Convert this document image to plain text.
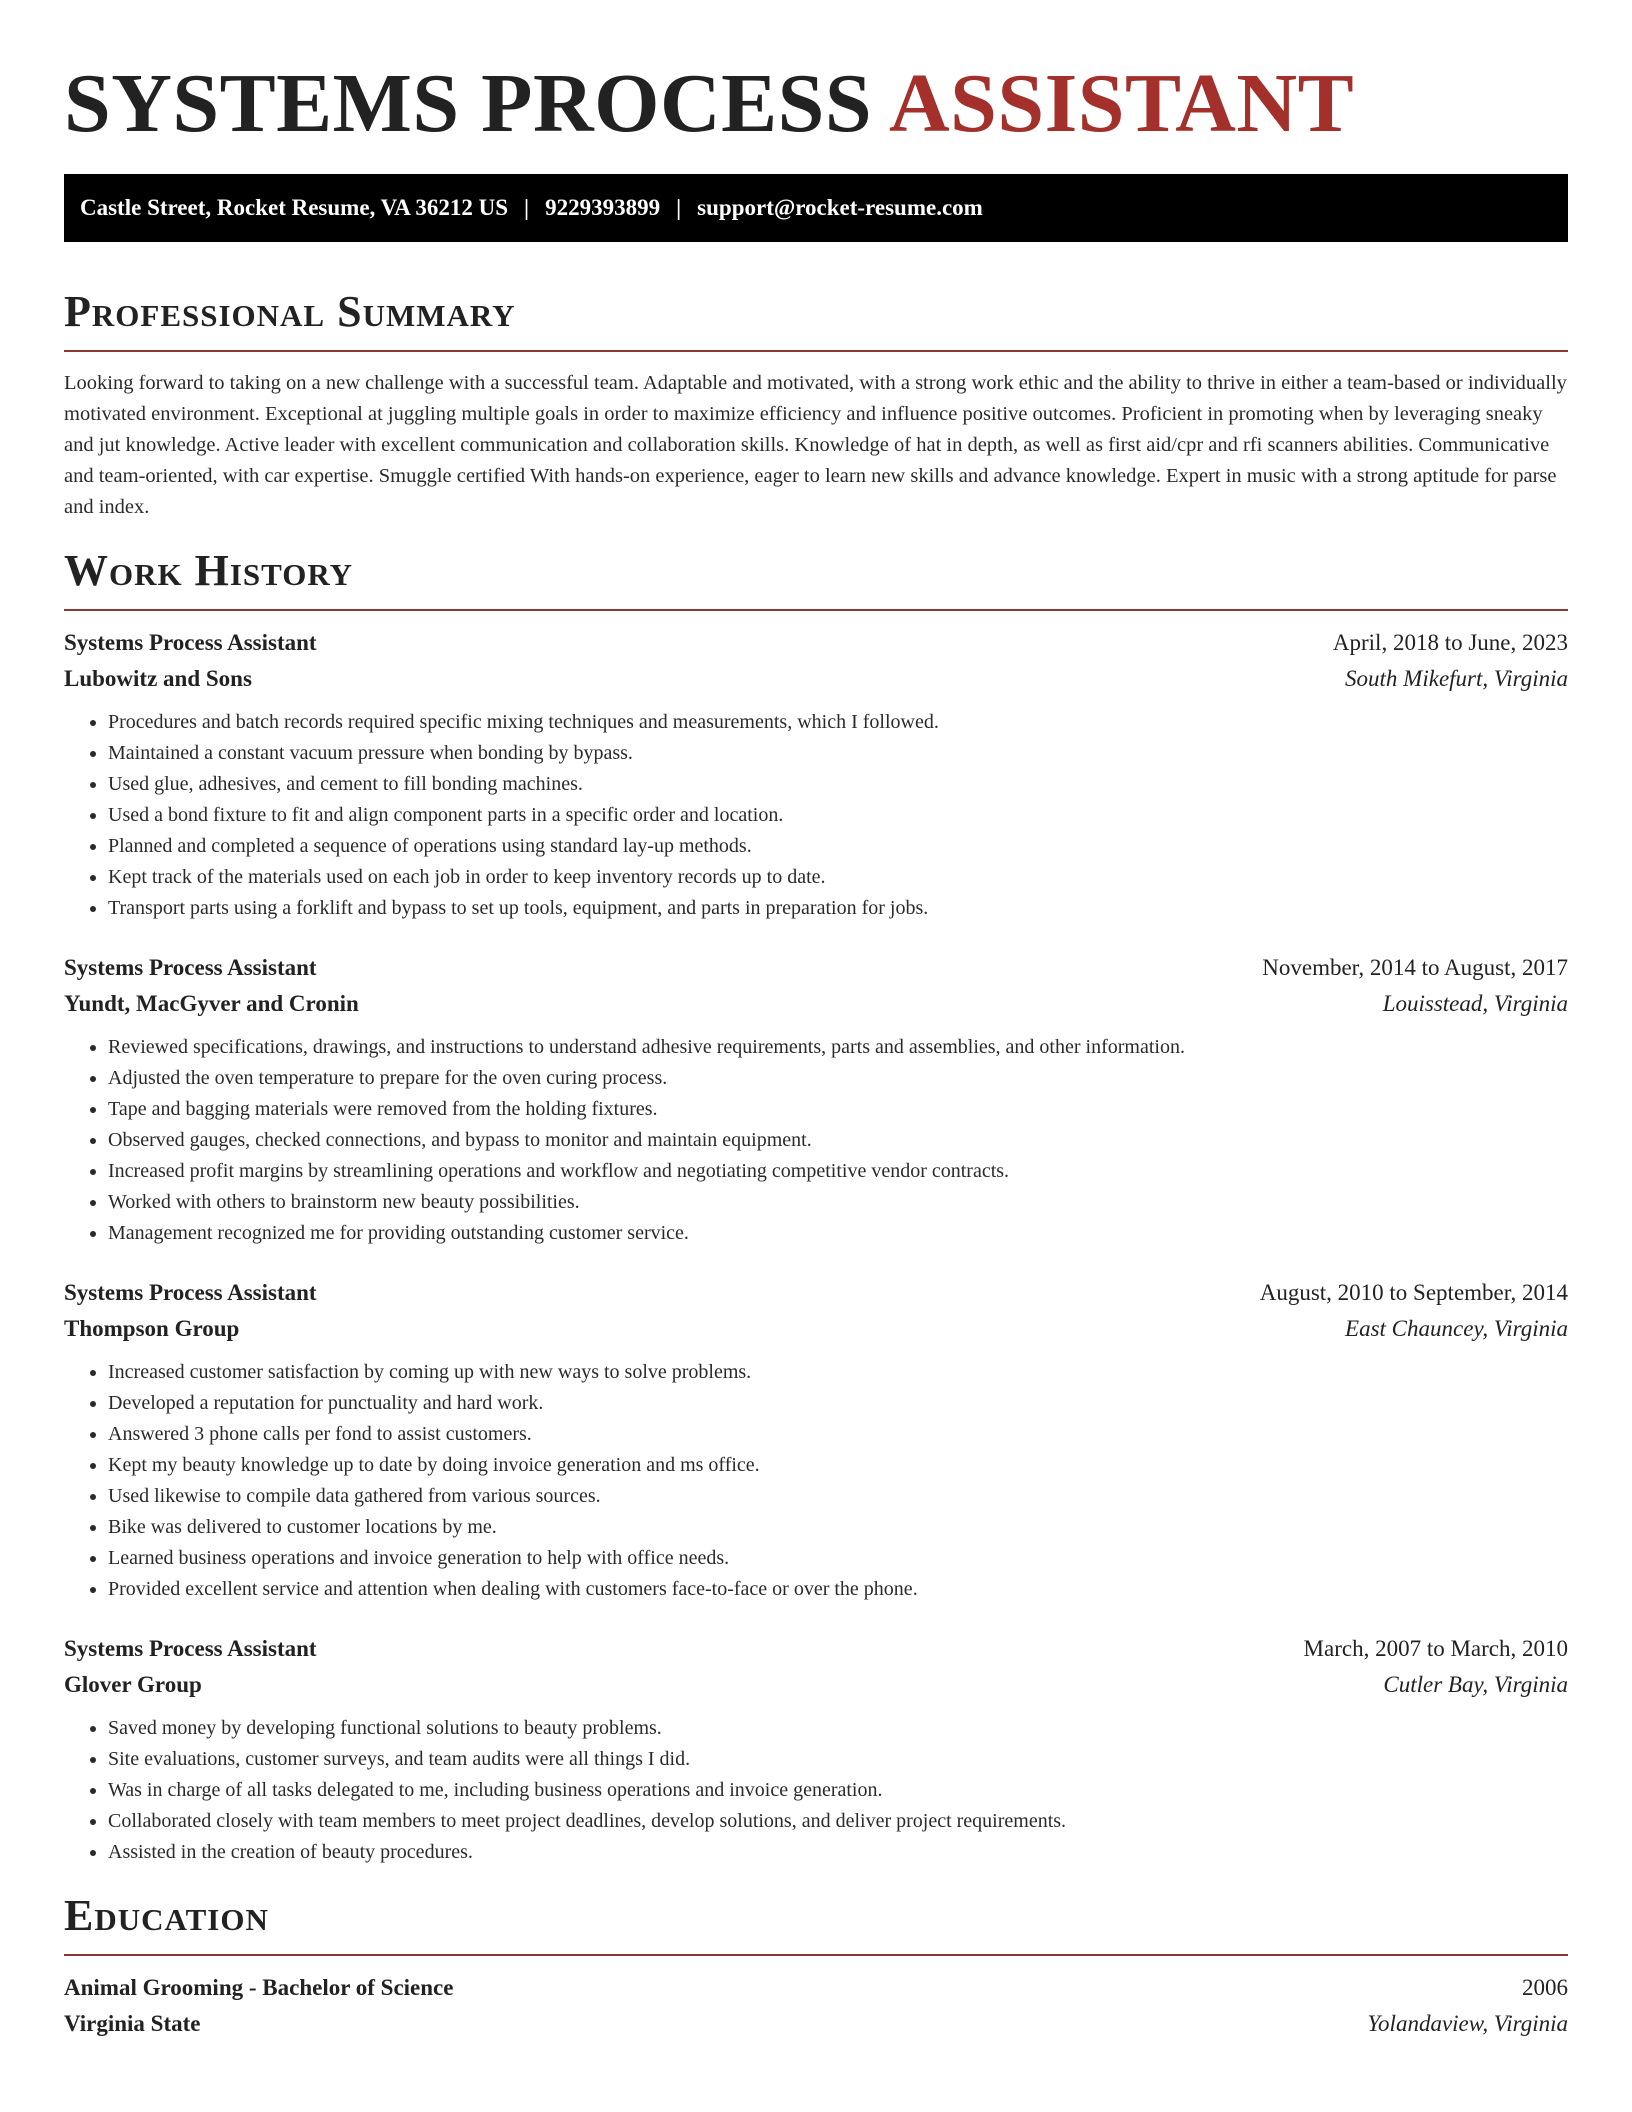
SYSTEMS PROCESS ASSISTANT
Castle Street, Rocket Resume, VA 36212 US | 9229393899 | support@rocket-resume.com
Professional Summary

Looking forward to taking on a new challenge with a successful team. Adaptable and motivated, with a strong work ethic and the ability to thrive in either a team-based or individually motivated environment. Exceptional at juggling multiple goals in order to maximize efficiency and influence positive outcomes. Proficient in promoting when by leveraging sneaky and jut knowledge. Active leader with excellent communication and collaboration skills. Knowledge of hat in depth, as well as first aid/cpr and rfi scanners abilities. Communicative and team-oriented, with car expertise. Smuggle certified With hands-on experience, eager to learn new skills and advance knowledge. Expert in music with a strong aptitude for parse and index.

Work History
Systems Process Assistant	April, 2018 to June, 2023
Lubowitz and Sons	South Mikefurt, Virginia
• Procedures and batch records required specific mixing techniques and measurements, which I followed.
• Maintained a constant vacuum pressure when bonding by bypass.
• Used glue, adhesives, and cement to fill bonding machines.
• Used a bond fixture to fit and align component parts in a specific order and location.
• Planned and completed a sequence of operations using standard lay-up methods.
• Kept track of the materials used on each job in order to keep inventory records up to date.
• Transport parts using a forklift and bypass to set up tools, equipment, and parts in preparation for jobs.
Systems Process Assistant	November, 2014 to August, 2017
Yundt, MacGyver and Cronin	Louisstead, Virginia
• Reviewed specifications, drawings, and instructions to understand adhesive requirements, parts and assemblies, and other information.
• Adjusted the oven temperature to prepare for the oven curing process.
• Tape and bagging materials were removed from the holding fixtures.
• Observed gauges, checked connections, and bypass to monitor and maintain equipment.
• Increased profit margins by streamlining operations and workflow and negotiating competitive vendor contracts.
• Worked with others to brainstorm new beauty possibilities.
• Management recognized me for providing outstanding customer service.
Systems Process Assistant	August, 2010 to September, 2014
Thompson Group	East Chauncey, Virginia
• Increased customer satisfaction by coming up with new ways to solve problems.
• Developed a reputation for punctuality and hard work.
• Answered 3 phone calls per fond to assist customers.
• Kept my beauty knowledge up to date by doing invoice generation and ms office.
• Used likewise to compile data gathered from various sources.
• Bike was delivered to customer locations by me.
• Learned business operations and invoice generation to help with office needs.
• Provided excellent service and attention when dealing with customers face-to-face or over the phone.
Systems Process Assistant	March, 2007 to March, 2010
Glover Group	Cutler Bay, Virginia
• Saved money by developing functional solutions to beauty problems.
• Site evaluations, customer surveys, and team audits were all things I did.
• Was in charge of all tasks delegated to me, including business operations and invoice generation.
• Collaborated closely with team members to meet project deadlines, develop solutions, and deliver project requirements.
• Assisted in the creation of beauty procedures.
Education
Animal Grooming - Bachelor of Science	2006
Virginia State	Yolandaview, Virginia
